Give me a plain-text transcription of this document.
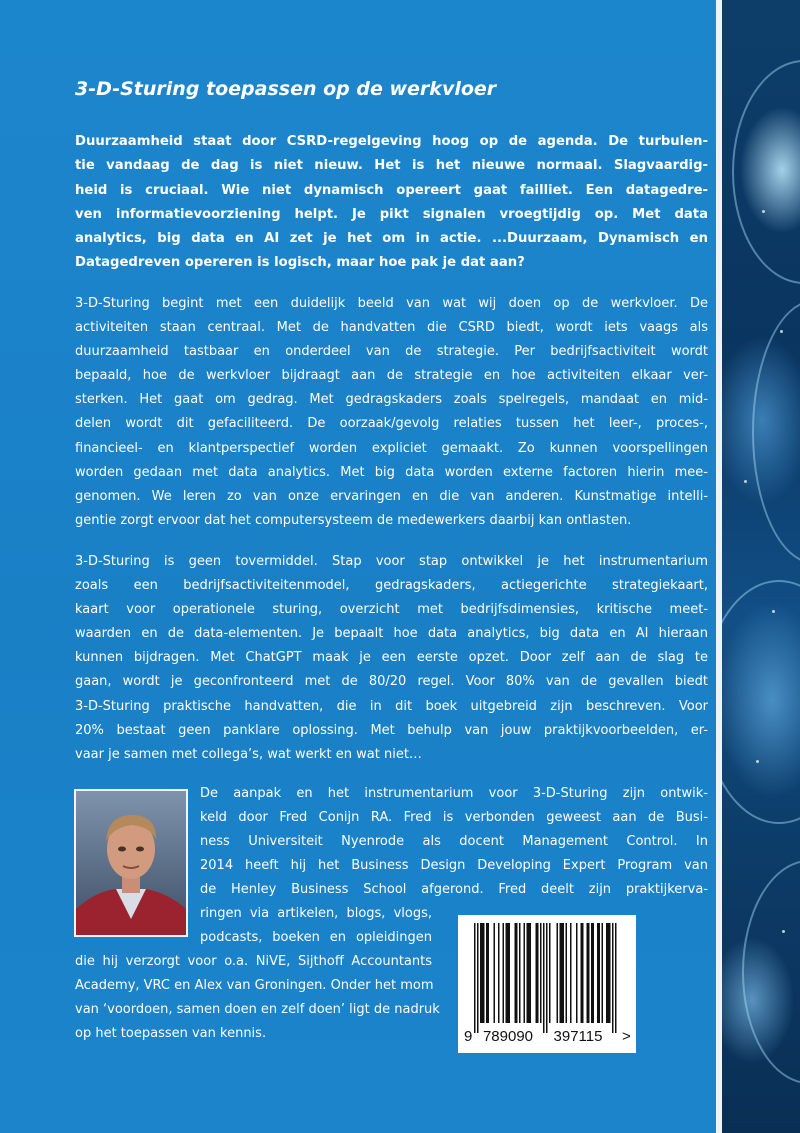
3-D-Sturing toepassen op de werkvloer
Duurzaamheid staat door CSRD-regelgeving hoog op de agenda. De turbulen-
tie vandaag de dag is niet nieuw. Het is het nieuwe normaal. Slagvaardig-
heid is cruciaal. Wie niet dynamisch opereert gaat failliet. Een datagedre-
ven informatievoorziening helpt. Je pikt signalen vroegtijdig op. Met data
analytics, big data en AI zet je het om in actie. ...Duurzaam, Dynamisch en
Datagedreven opereren is logisch, maar hoe pak je dat aan?
3-D-Sturing begint met een duidelijk beeld van wat wij doen op de werkvloer. De
activiteiten staan centraal. Met de handvatten die CSRD biedt, wordt iets vaags als
duurzaamheid tastbaar en onderdeel van de strategie. Per bedrijfsactiviteit wordt
bepaald, hoe de werkvloer bijdraagt aan de strategie en hoe activiteiten elkaar ver-
sterken. Het gaat om gedrag. Met gedragskaders zoals spelregels, mandaat en mid-
delen wordt dit gefaciliteerd. De oorzaak/gevolg relaties tussen het leer-, proces-,
financieel- en klantperspectief worden expliciet gemaakt. Zo kunnen voorspellingen
worden gedaan met data analytics. Met big data worden externe factoren hierin mee-
genomen. We leren zo van onze ervaringen en die van anderen. Kunstmatige intelli-
gentie zorgt ervoor dat het computersysteem de medewerkers daarbij kan ontlasten.
3-D-Sturing is geen tovermiddel. Stap voor stap ontwikkel je het instrumentarium
zoals een bedrijfsactiviteitenmodel, gedragskaders, actiegerichte strategiekaart,
kaart voor operationele sturing, overzicht met bedrijfsdimensies, kritische meet-
waarden en de data-elementen. Je bepaalt hoe data analytics, big data en AI hieraan
kunnen bijdragen. Met ChatGPT maak je een eerste opzet. Door zelf aan de slag te
gaan, wordt je geconfronteerd met de 80/20 regel. Voor 80% van de gevallen biedt
3-D-Sturing praktische handvatten, die in dit boek uitgebreid zijn beschreven. Voor
20% bestaat geen panklare oplossing. Met behulp van jouw praktijkvoorbeelden, er-
vaar je samen met collega’s, wat werkt en wat niet…
De aanpak en het instrumentarium voor 3-D-Sturing zijn ontwik-
keld door Fred Conijn RA. Fred is verbonden geweest aan de Busi-
ness Universiteit Nyenrode als docent Management Control. In
2014 heeft hij het Business Design Developing Expert Program van
de Henley Business School afgerond. Fred deelt zijn praktijkerva-
ringen via artikelen, blogs, vlogs,
podcasts, boeken en opleidingen
die hij verzorgt voor o.a. NiVE, Sijthoff Accountants
Academy, VRC en Alex van Groningen. Onder het mom
van ‘voordoen, samen doen en zelf doen’ ligt de nadruk
op het toepassen van kennis.	9 789090 397115 >
